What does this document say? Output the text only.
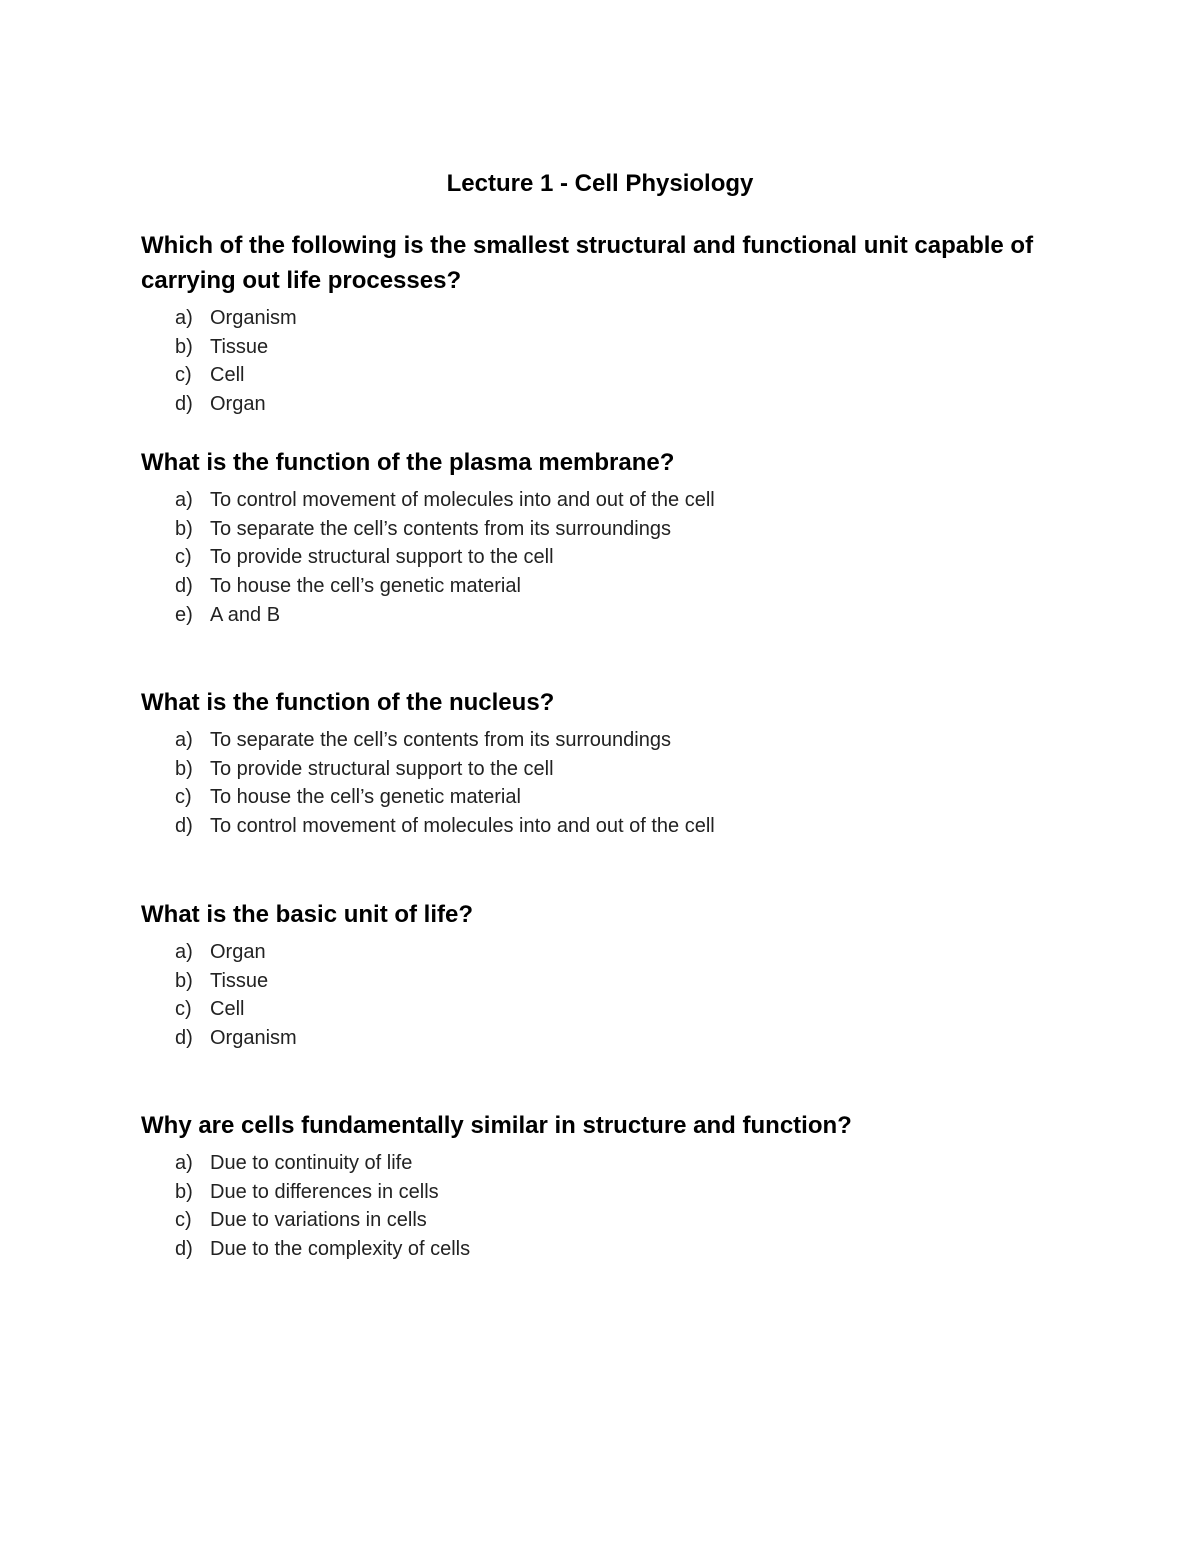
Lecture 1 - Cell Physiology

Which of the following is the smallest structural and functional unit capable of carrying out life processes?

a) Organism
b) Tissue
c) Cell
d) Organ

What is the function of the plasma membrane?

a) To control movement of molecules into and out of the cell
b) To separate the cell’s contents from its surroundings
c) To provide structural support to the cell
d) To house the cell’s genetic material
e) A and B

What is the function of the nucleus?

a) To separate the cell’s contents from its surroundings
b) To provide structural support to the cell
c) To house the cell’s genetic material
d) To control movement of molecules into and out of the cell

What is the basic unit of life?

a) Organ
b) Tissue
c) Cell
d) Organism

Why are cells fundamentally similar in structure and function?

a) Due to continuity of life
b) Due to differences in cells
c) Due to variations in cells
d) Due to the complexity of cells
